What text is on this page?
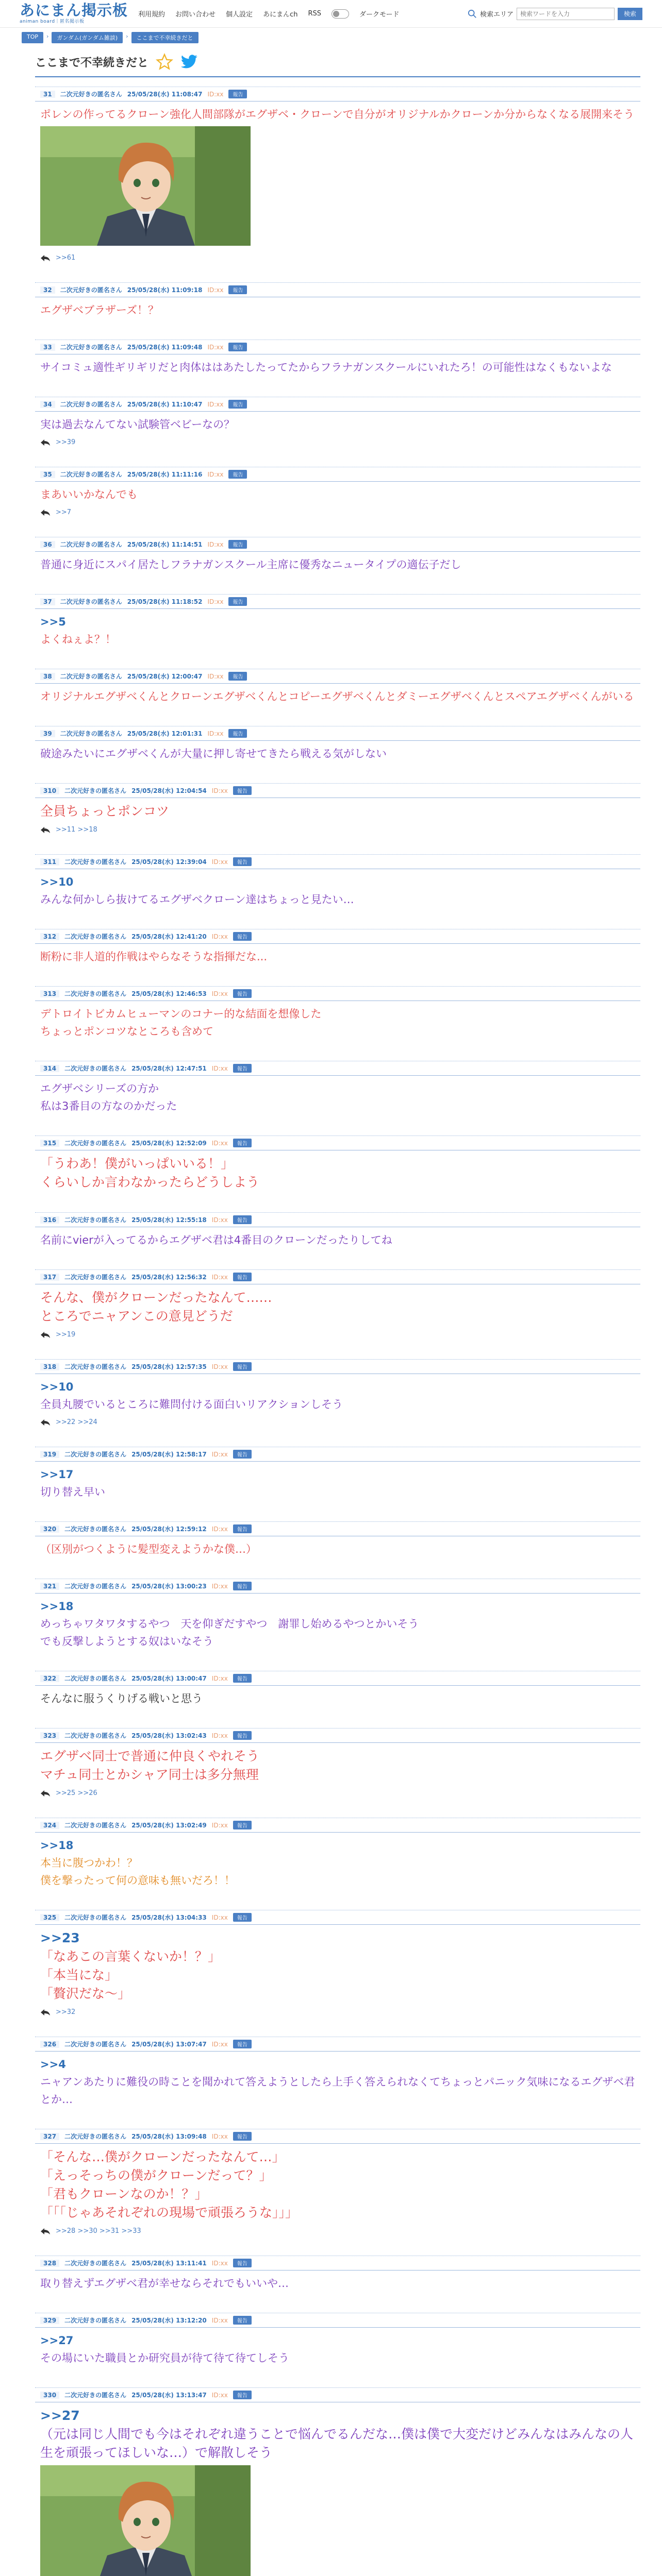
あにまん掲示板
animan board｜匿名掲示板
利用規約 お問い合わせ 個人設定 あにまんch RSS	ダークモード	検索エリア
検索ワードを入力	検索
TOP	›	ガンダム(ガンダム雑談)	›	ここまで不幸続きだと
ここまで不幸続きだと
31	二次元好きの匿名さん 25/05/28(水) 11:08:47 ID:xx	報告
ポレンの作ってるクローン強化人間部隊がエグザベ・クローンで自分がオリジナルかクローンか分からなくなる展開来そう
>>61
32	二次元好きの匿名さん 25/05/28(水) 11:09:18 ID:xx	報告
エグザベブラザーズ！？
33	二次元好きの匿名さん 25/05/28(水) 11:09:48 ID:xx	報告
サイコミュ適性ギリギリだと肉体ははあたしたってたからフラナガンスクールにいれたろ！の可能性はなくもないよな
34	二次元好きの匿名さん 25/05/28(水) 11:10:47 ID:xx	報告
実は過去なんてない試験管ベビーなの？
>>39
35	二次元好きの匿名さん 25/05/28(水) 11:11:16 ID:xx	報告
まあいいかなんでも
>>7
36	二次元好きの匿名さん 25/05/28(水) 11:14:51 ID:xx	報告
普通に身近にスパイ居たしフラナガンスクール主席に優秀なニュータイプの適伝子だし
37	二次元好きの匿名さん 25/05/28(水) 11:18:52 ID:xx	報告
>>5
よくねぇよ？！
38	二次元好きの匿名さん 25/05/28(水) 12:00:47 ID:xx	報告
オリジナルエグザベくんとクローンエグザベくんとコピーエグザベくんとダミーエグザベくんとスペアエグザベくんがいる
39	二次元好きの匿名さん 25/05/28(水) 12:01:31 ID:xx	報告
破途みたいにエグザベくんが大量に押し寄せてきたら戦える気がしない
310	二次元好きの匿名さん 25/05/28(水) 12:04:54 ID:xx	報告
全員ちょっとポンコツ
>>11 >>18
311	二次元好きの匿名さん 25/05/28(水) 12:39:04 ID:xx	報告
>>10
みんな何かしら抜けてるエグザベクローン達はちょっと見たい…
312	二次元好きの匿名さん 25/05/28(水) 12:41:20 ID:xx	報告
断粉に非人道的作戦はやらなそうな指揮だな...
313	二次元好きの匿名さん 25/05/28(水) 12:46:53 ID:xx	報告
デトロイトビカムヒューマンのコナー的な結面を想像した
ちょっとポンコツなところも含めて
314	二次元好きの匿名さん 25/05/28(水) 12:47:51 ID:xx	報告
エグザベシリーズの方か
私は3番目の方なのかだった
315	二次元好きの匿名さん 25/05/28(水) 12:52:09 ID:xx	報告
「うわあ！僕がいっぱいいる！」
くらいしか言わなかったらどうしよう
316	二次元好きの匿名さん 25/05/28(水) 12:55:18 ID:xx	報告
名前にvierが入ってるからエグザベ君は4番目のクローンだったりしてね
317	二次元好きの匿名さん 25/05/28(水) 12:56:32 ID:xx	報告
そんな、僕がクローンだったなんて……
ところでニャアンこの意見どうだ
>>19
318	二次元好きの匿名さん 25/05/28(水) 12:57:35 ID:xx	報告
>>10
全員丸腰でいるところに難問付ける面白いリアクションしそう
>>22 >>24
319	二次元好きの匿名さん 25/05/28(水) 12:58:17 ID:xx	報告
>>17
切り替え早い
320	二次元好きの匿名さん 25/05/28(水) 12:59:12 ID:xx	報告
（区別がつくように髪型変えようかな僕…）
321	二次元好きの匿名さん 25/05/28(水) 13:00:23 ID:xx	報告
>>18
めっちゃワタワタするやつ　天を仰ぎだすやつ　謝罪し始めるやつとかいそう
でも反撃しようとする奴はいなそう
322	二次元好きの匿名さん 25/05/28(水) 13:00:47 ID:xx	報告
そんなに服うくりげる戦いと思う
323	二次元好きの匿名さん 25/05/28(水) 13:02:43 ID:xx	報告
エグザベ同士で普通に仲良くやれそう
マチュ同士とかシャア同士は多分無理
>>25 >>26
324	二次元好きの匿名さん 25/05/28(水) 13:02:49 ID:xx	報告
>>18
本当に腹つかわ！？
僕を撃ったって何の意味も無いだろ！！
325	二次元好きの匿名さん 25/05/28(水) 13:04:33 ID:xx	報告
>>23
「なあこの言葉くないか！？」
「本当にな」
「贅沢だな～」
>>32
326	二次元好きの匿名さん 25/05/28(水) 13:07:47 ID:xx	報告
>>4
ニャアンあたりに難役の時ことを聞かれて答えようとしたら上手く答えられなくてちょっとパニック気味になるエグザベ君とか…
327	二次元好きの匿名さん 25/05/28(水) 13:09:48 ID:xx	報告
「そんな…僕がクローンだったなんて…」
「えっそっちの僕がクローンだって？」
「君もクローンなのか！？」
「「「じゃあそれぞれの現場で頑張ろうな」」」
>>28 >>30 >>31 >>33
328	二次元好きの匿名さん 25/05/28(水) 13:11:41 ID:xx	報告
取り替えずエグザベ君が幸せならそれでもいいや…
329	二次元好きの匿名さん 25/05/28(水) 13:12:20 ID:xx	報告
>>27
その場にいた職員とか研究員が待て待て待てしそう
330	二次元好きの匿名さん 25/05/28(水) 13:13:47 ID:xx	報告
>>27
（元は同じ人間でも今はそれぞれ違うことで悩んでるんだな…僕は僕で大変だけどみんなはみんなの人生を頑張ってほしいな…）で解散しそう
